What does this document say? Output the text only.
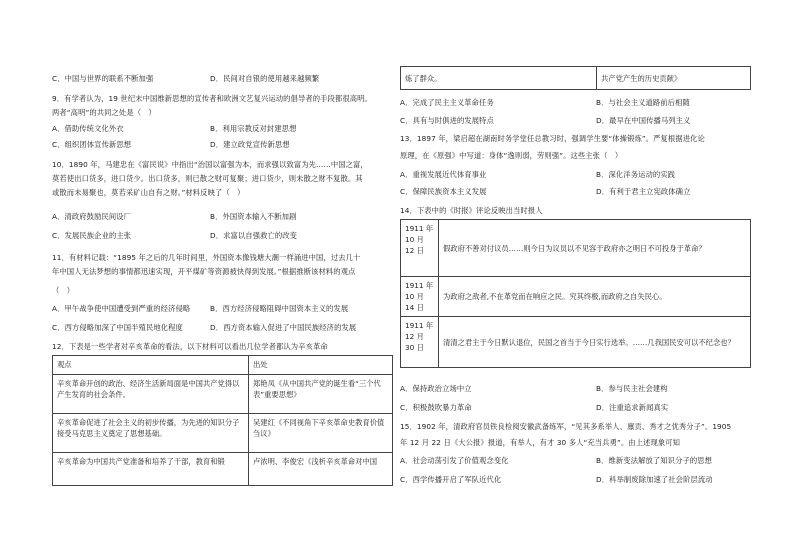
C．中国与世界的联系不断加强	D．民间对自银的使用越来越频繁
9．有学者认为，19 世纪末中国维新思想的宣传者和欧洲文艺复兴运动的倡导者的手段都很高明。
两者“高明”的共同之处是（　）
A．借助传统文化外衣	B．利用宗教反对封建思想
C．组织团体宣传新思想	D．建立政党宣传新思想
10．1890 年，马建忠在《富民说》中指出“治国以富强为本，而求强以致富为先……中国之富，
莫若使出口货多，进口货少。出口货多，则已散之财可复聚；进口货少，则未散之财不复散。其
或散而未易聚也，莫若采矿山自有之财。”材料反映了（　）
A．清政府鼓励民间设厂	B．外国资本输入不断加剧
C．发展民族企业的主张	D．求富以自强救亡的改变
11．有材料记载：“1895 年之后的几年时间里，外国资本像钱塘大潮一样涌进中国，过去几十
年中国人无法梦想的事情都迅速实现，开平煤矿等资源被快得到发展。”根据推断该材料的观点
（　）
A．甲午战争使中国遭受到严重的经济侵略	B．西方经济侵略阻碍中国资本主义的发展
C．西方侵略加深了中国半殖民地化程度	D．西方资本输入促进了中国民族经济的发展
12．下表是一些学者对辛亥革命的看法，以下材料可以看出几位学者都认为辛亥革命
观点	出处
辛亥革命开创的政治、经济生活新局面是中国共产党得以产生发育的社会条件。	郑艳凤《从中国共产党的诞生看“三个代表”重要思想》
辛亥革命促进了社会主义的初步传播，为先进的知识分子接受马克思主义奠定了思想基础。	吴建红《不同视角下辛亥革命史教育价值刍议》
辛亥革命为中国共产党准备和培养了干部，教育和锻	卢浓明、李俊宏《浅析辛亥革命对中国
炼了群众。	共产党产生的历史贡献》
A．完成了民主主义革命任务	B．与社会主义道路前后相随
C．具有与时俱进的发展特点	D．最早在中国传播马列主义
13．1897 年，梁启超在湖南时务学堂任总教习时，强调学生要“体操锻炼”。严复根据进化论
原理，在《原强》中写道：身体“逸则弱，劳则强”。这些主张（　）
A．重视发展近代体育事业	B．深化洋务运动的实践
C．保障民族资本主义发展	D．有利于君主立宪政体确立
14．下表中的《时报》评论反映出当时报人
1911 年 10 月 12 日	假政府不善对付议员……则今日为议员以不见容于政府亦之明日不可投身于革命？
1911 年 10 月 14 日	为政府之敌者,不在革党而在响应之民。究其终极,而政府之自失民心。
1911 年 12 月 30 日	清清之君主于今日默认退位，民国之首当于今日实行选举。……几我国民安可以不纪念也？
A．保持政治立场中立	B．参与民主社会建构
C．积极鼓吹暴力革命	D．注重追求新闻真实
15．1902 年，清政府官员铁良检阅安徽武备练军，“见其多系举人、廪贡、秀才之优秀分子”。1905
年 12 月 22 日《大公报》报道，有举人，有才 30 多人“充当兵勇”。由上述现象可知
A．社会动荡引发了价值观念变化	B．维新变法解放了知识分子的思想
C．西学传播开启了军队近代化	D．科举制废除加速了社会阶层流动
